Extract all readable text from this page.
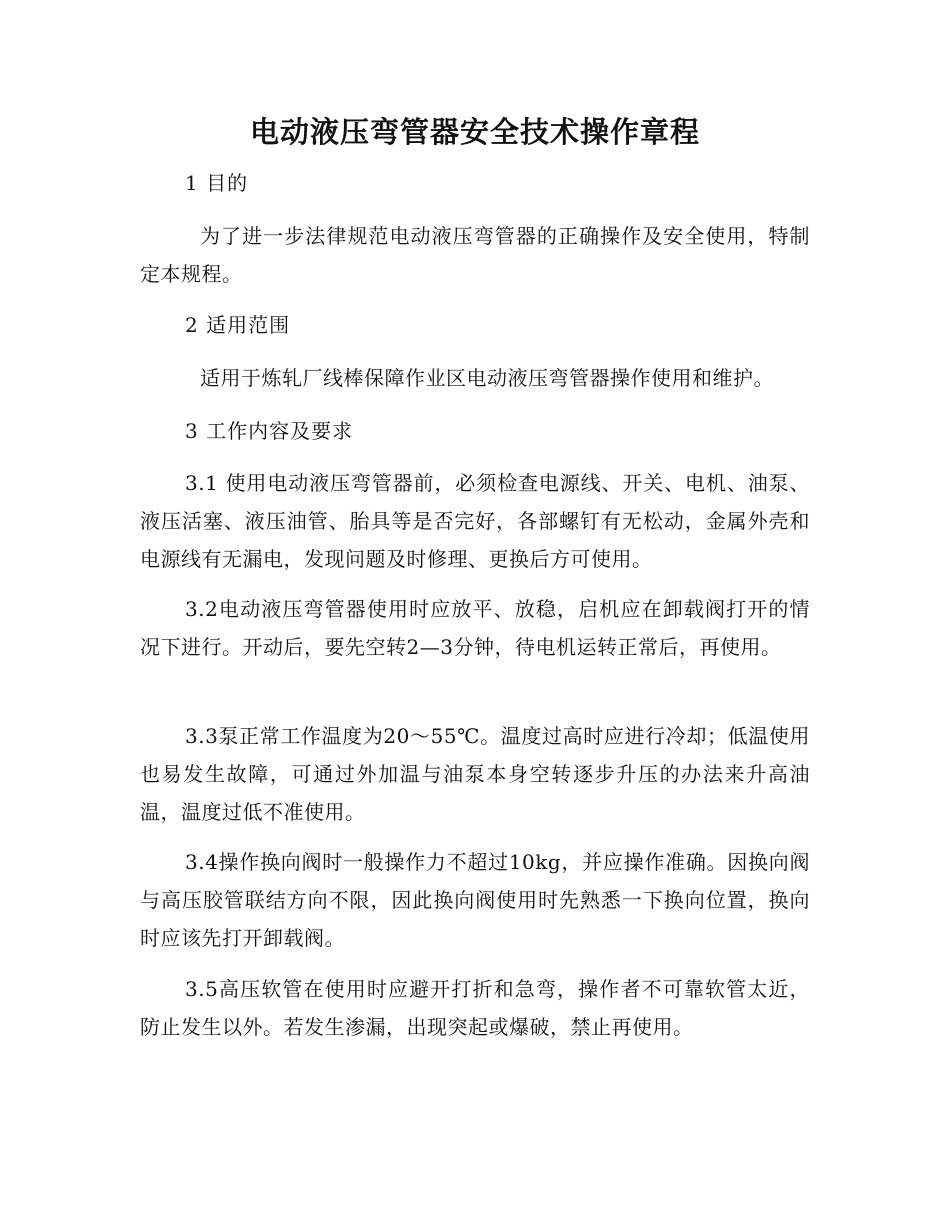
电动液压弯管器安全技术操作章程
1 目的
为了进一步法律规范电动液压弯管器的正确操作及安全使用，特制定本规程。
2 适用范围
适用于炼轧厂线棒保障作业区电动液压弯管器操作使用和维护。
3 工作内容及要求
3.1 使用电动液压弯管器前，必须检查电源线、开关、电机、油泵、液压活塞、液压油管、胎具等是否完好，各部螺钉有无松动，金属外壳和电源线有无漏电，发现问题及时修理、更换后方可使用。
3.2电动液压弯管器使用时应放平、放稳，启机应在卸载阀打开的情况下进行。开动后，要先空转2—3分钟，待电机运转正常后，再使用。
3.3泵正常工作温度为20～55℃。温度过高时应进行冷却；低温使用也易发生故障，可通过外加温与油泵本身空转逐步升压的办法来升高油温，温度过低不准使用。
3.4操作换向阀时一般操作力不超过10kg，并应操作准确。因换向阀与高压胶管联结方向不限，因此换向阀使用时先熟悉一下换向位置，换向时应该先打开卸载阀。
3.5高压软管在使用时应避开打折和急弯，操作者不可靠软管太近，防止发生以外。若发生渗漏，出现突起或爆破，禁止再使用。
